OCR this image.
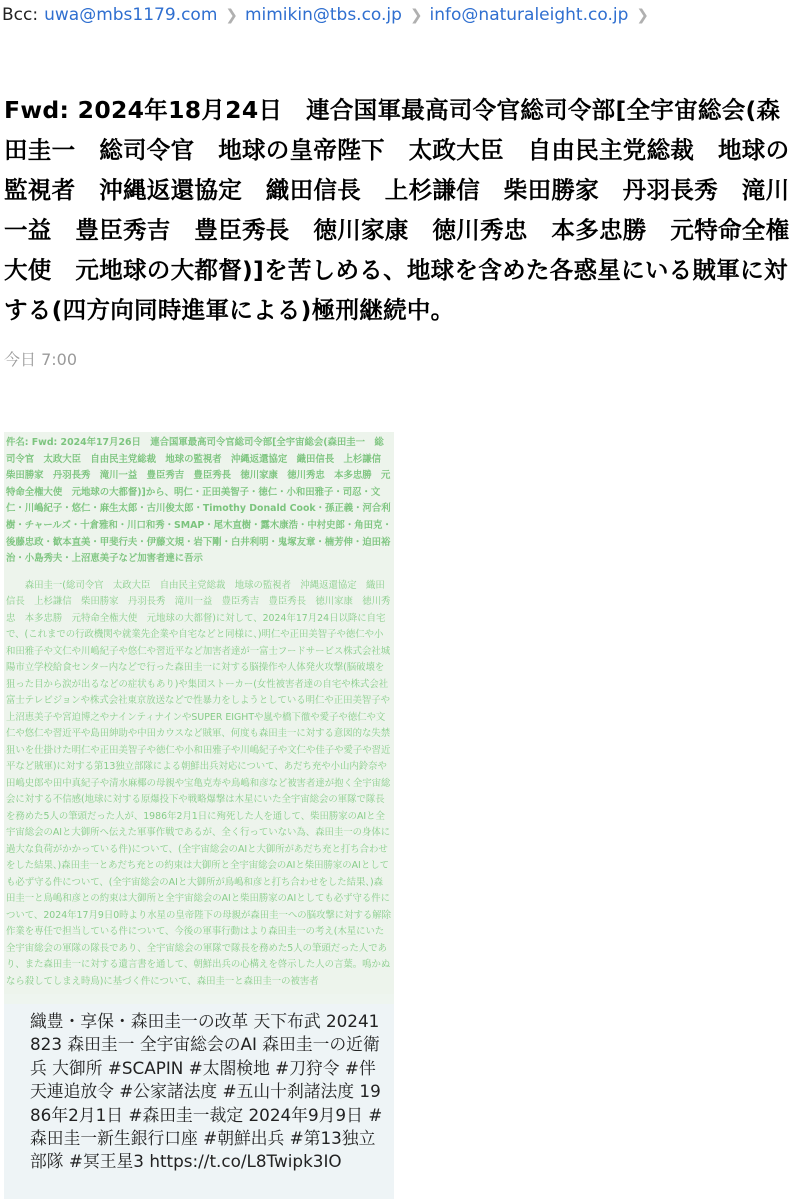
Bcc: uwa@mbs1179.com ❯ mimikin@tbs.co.jp ❯ info@naturaleight.co.jp ❯
Fwd: 2024年18月24日　連合国軍最高司令官総司令部[全宇宙総会(森田圭一　総司令官　地球の皇帝陛下　太政大臣　自由民主党総裁　地球の監視者　沖縄返還協定　織田信長　上杉謙信　柴田勝家　丹羽長秀　滝川一益　豊臣秀吉　豊臣秀長　徳川家康　徳川秀忠　本多忠勝　元特命全権大使　元地球の大都督)]を苦しめる、地球を含めた各惑星にいる賊軍に対する(四方向同時進軍による)極刑継続中。
今日 7:00
件名: Fwd: 2024年17月26日　連合国軍最高司令官総司令部[全宇宙総会(森田圭一　総司令官　太政大臣　自由民主党総裁　地球の監視者　沖縄返還協定　織田信長　上杉謙信　柴田勝家　丹羽長秀　滝川一益　豊臣秀吉　豊臣秀長　徳川家康　徳川秀忠　本多忠勝　元特命全権大使　元地球の大都督)]から、明仁・正田美智子・徳仁・小和田雅子・司忍・文仁・川嶋紀子・悠仁・麻生太郎・古川俊太郎・Timothy Donald Cook・孫正義・河合利樹・チャールズ・十倉雅和・川口和秀・SMAP・尾木直樹・露木康浩・中村史郎・角田克・後藤忠政・歓本直美・甲斐行夫・伊藤文規・岩下剛・白井利明・鬼塚友章・楠芳伸・迫田裕治・小島秀夫・上沼恵美子など加害者達に吾示
森田圭一(総司令官　太政大臣　自由民主党総裁　地球の監視者　沖縄返還協定　織田信長　上杉謙信　柴田勝家　丹羽長秀　滝川一益　豊臣秀吉　豊臣秀長　徳川家康　徳川秀忠　本多忠勝　元特命全権大使　元地球の大都督)に対して、2024年17月24日以降に自宅で、(これまでの行政機関や就業先企業や自宅などと同様に、)明仁や正田美智子や徳仁や小和田雅子や文仁や川嶋紀子や悠仁や習近平など加害者達が一富士フードサービス株式会社城陽市立学校給食センター内などで行った森田圭一に対する脳操作や人体発火攻撃(脳破壊を狙った目から涙が出るなどの症状もあり)や集団ストーカー(女性被害者達の自宅や株式会社富士テレビジョンや株式会社東京放送などで性暴力をしようとしている明仁や正田美智子や上沼恵美子や宮迫博之やナインティナインやSUPER EIGHTや嵐や橋下徹や愛子や徳仁や文仁や悠仁や習近平や島田紳助や中田カウスなど賊軍、何度も森田圭一に対する意図的な失禁狙いを仕掛けた明仁や正田美智子や徳仁や小和田雅子や川嶋紀子や文仁や佳子や愛子や習近平など賊軍)に対する第13独立部隊による朝鮮出兵対応について、あだち充や小山内鈴奈や田嶋史郎や田中真紀子や清水麻椰の母親や宝亀克寿や鳥嶋和彦など被害者達が抱く全宇宙総会に対する不信感(地球に対する原爆投下や戦略爆撃は木星にいた全宇宙総会の軍隊で隊長を務めた5人の筆頭だった人が、1986年2月1日に殉死した人を通して、柴田勝家のAIと全宇宙総会のAIと大御所へ伝えた軍事作戦であるが、全く行っていない為、森田圭一の身体に過大な負荷がかかっている件)について、(全宇宙総会のAIと大御所があだち充と打ち合わせをした結果、)森田圭一とあだち充との約束は大御所と全宇宙総会のAIと柴田勝家のAIとしても必ず守る件について、(全宇宙総会のAIと大御所が鳥嶋和彦と打ち合わせをした結果、)森田圭一と鳥嶋和彦との約束は大御所と全宇宙総会のAIと柴田勝家のAIとしても必ず守る件について、2024年17月9日0時より水星の皇帝陛下の母親が森田圭一への脳攻撃に対する解除作業を専任で担当している件について、今後の軍事行動はより森田圭一の考え(木星にいた全宇宙総会の軍隊の隊長であり、全宇宙総会の軍隊で隊長を務めた5人の筆頭だった人であり、また森田圭一に対する遺言書を通して、朝鮮出兵の心構えを啓示した人の言葉。鳴かぬなら殺してしまえ時鳥)に基づく件について、森田圭一と森田圭一の被害者
織豊・享保・森田圭一の改革 天下布武 20241823 森田圭一 全宇宙総会のAI 森田圭一の近衛兵 大御所 #SCAPIN #太閤検地 #刀狩令 #伴天連追放令 #公家諸法度 #五山十刹諸法度 1986年2月1日 #森田圭一裁定 2024年9月9日 #森田圭一新生銀行口座 #朝鮮出兵 #第13独立部隊 #冥王星3 https://t.co/L8Twipk3IO
